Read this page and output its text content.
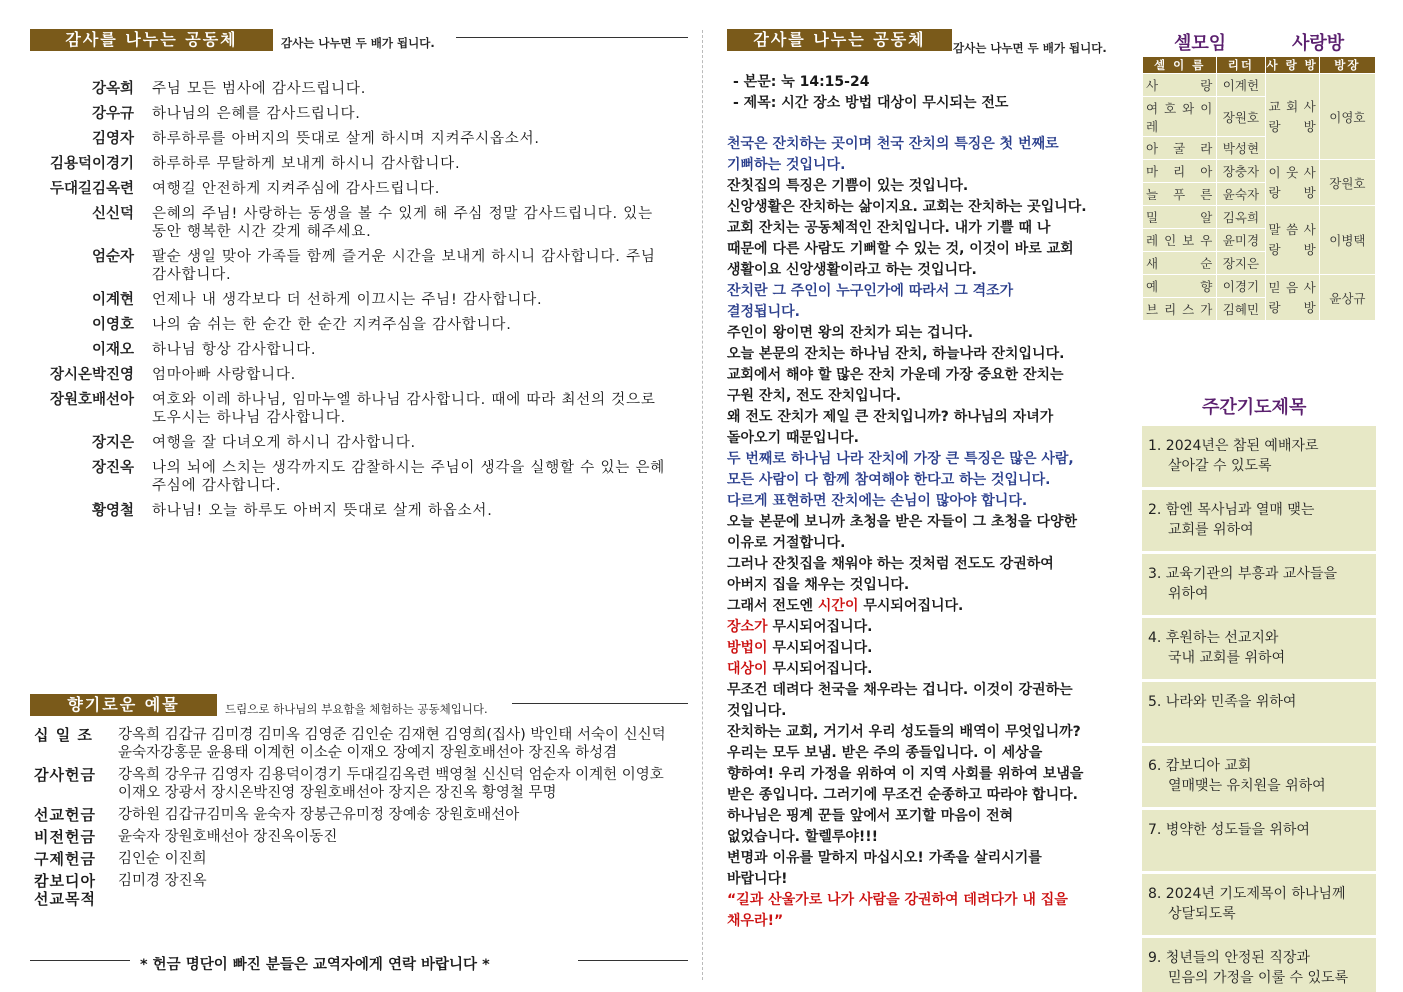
감사를 나누는 공동체	감사는 나누면 두 배가 됩니다.
강옥희 주님 모든 범사에 감사드립니다.
강우규 하나님의 은혜를 감사드립니다.
김영자 하루하루를 아버지의 뜻대로 살게 하시며 지켜주시옵소서.
김용덕이경기 하루하루 무탈하게 보내게 하시니 감사합니다.
두대길김옥련 여행길 안전하게 지켜주심에 감사드립니다.
신신덕 은혜의 주님! 사랑하는 동생을 볼 수 있게 해 주심 정말 감사드립니다. 있는 동안 행복한 시간 갖게 해주세요.
엄순자 팔순 생일 맞아 가족들 함께 즐거운 시간을 보내게 하시니 감사합니다. 주님 감사합니다.
이계현 언제나 내 생각보다 더 선하게 이끄시는 주님! 감사합니다.
이영호 나의 숨 쉬는 한 순간 한 순간 지켜주심을 감사합니다.
이재오 하나님 항상 감사합니다.
장시온박진영 엄마아빠 사랑합니다.
장원호배선아 여호와 이레 하나님, 임마누엘 하나님 감사합니다. 때에 따라 최선의 것으로 도우시는 하나님 감사합니다.
장지은 여행을 잘 다녀오게 하시니 감사합니다.
장진옥 나의 뇌에 스치는 생각까지도 감찰하시는 주님이 생각을 실행할 수 있는 은혜 주심에 감사합니다.
황영철 하나님! 오늘 하루도 아버지 뜻대로 살게 하옵소서.
향기로운 예물	드림으로 하나님의 부요함을 체험하는 공동체입니다.
십 일 조	강옥희 김갑규 김미경 김미옥 김영준 김인순 김재현 김영희(집사) 박인태 서숙이 신신덕 윤숙자강홍문 윤용태 이계헌 이소순 이재오 장예지 장원호배선아 장진옥 하성겸
감사헌금	강옥희 강우규 김영자 김용덕이경기 두대길김옥련 백영철 신신덕 엄순자 이계헌 이영호 이재오 장광서 장시온박진영 장원호배선아 장지은 장진옥 황영철 무명
선교헌금	강하원 김갑규김미옥 윤숙자 장봉근유미정 장예송 장원호배선아
비전헌금	윤숙자 장원호배선아 장진옥이동진
구제헌금	김인순 이진희
캄보디아 선교목적
김미경 장진옥
* 헌금 명단이 빠진 분들은 교역자에게 연락 바랍니다 *
감사를 나누는 공동체	감사는 나누면 두 배가 됩니다.
- 본문: 눅 14:15-24
- 제목: 시간 장소 방법 대상이 무시되는 전도
천국은 잔치하는 곳이며 천국 잔치의 특징은 첫 번째로
기뻐하는 것입니다.
잔칫집의 특징은 기쁨이 있는 것입니다.
신앙생활은 잔치하는 삶이지요. 교회는 잔치하는 곳입니다.
교회 잔치는 공동체적인 잔치입니다. 내가 기쁠 때 나
때문에 다른 사람도 기뻐할 수 있는 것, 이것이 바로 교회
생활이요 신앙생활이라고 하는 것입니다.
잔치란 그 주인이 누구인가에 따라서 그 격조가
결정됩니다.
주인이 왕이면 왕의 잔치가 되는 겁니다.
오늘 본문의 잔치는 하나님 잔치, 하늘나라 잔치입니다.
교회에서 해야 할 많은 잔치 가운데 가장 중요한 잔치는
구원 잔치, 전도 잔치입니다.
왜 전도 잔치가 제일 큰 잔치입니까? 하나님의 자녀가
돌아오기 때문입니다.
두 번째로 하나님 나라 잔치에 가장 큰 특징은 많은 사람,
모든 사람이 다 함께 참여해야 한다고 하는 것입니다.
다르게 표현하면 잔치에는 손님이 많아야 합니다.
오늘 본문에 보니까 초청을 받은 자들이 그 초청을 다양한
이유로 거절합니다.
그러나 잔칫집을 채워야 하는 것처럼 전도도 강권하여
아버지 집을 채우는 것입니다.
그래서 전도엔 시간이 무시되어집니다.
장소가 무시되어집니다.
방법이 무시되어집니다.
대상이 무시되어집니다.
무조건 데려다 천국을 채우라는 겁니다. 이것이 강권하는
것입니다.
잔치하는 교회, 거기서 우리 성도들의 배역이 무엇입니까?
우리는 모두 보냄. 받은 주의 종들입니다. 이 세상을
향하여! 우리 가정을 위하여 이 지역 사회를 위하여 보냄을
받은 종입니다. 그러기에 무조건 순종하고 따라야 합니다.
하나님은 핑계 꾼들 앞에서 포기할 마음이 전혀
없었습니다. 할렐루야!!!
변명과 이유를 말하지 마십시오! 가족을 살리시기를
바랍니다!
“길과 산울가로 나가 사람을 강권하여 데려다가 내 집을
채우라!”
셀모임	사랑방
셀 이 름	리더	사 랑 방	방장
사 랑	이계헌	교 회 사 랑 방	이영호
여 호 와 이 레	장원호		
아 굴 라	박성현		
마 리 아	장충자	이 웃 사 랑 방	장원호
늘 푸 른	윤숙자		
밀 알	김옥희	말 씀 사 랑 방	이병택
레 인 보 우	윤미경		
새 순	장지은		
예 향	이경기	믿 음 사 랑 방	윤상규
브 리 스 가	김혜민		
주간기도제목
1. 2024년은 참된 예배자로
살아갈 수 있도록
2. 함엔 목사님과 열매 맺는
교회를 위하여
3. 교육기관의 부흥과 교사들을
위하여
4. 후원하는 선교지와
국내 교회를 위하여
5. 나라와 민족을 위하여
6. 캄보디아 교회
열매맺는 유치원을 위하여
7. 병약한 성도들을 위하여
8. 2024년 기도제목이 하나님께
상달되도록
9. 청년들의 안정된 직장과
믿음의 가정을 이룰 수 있도록
